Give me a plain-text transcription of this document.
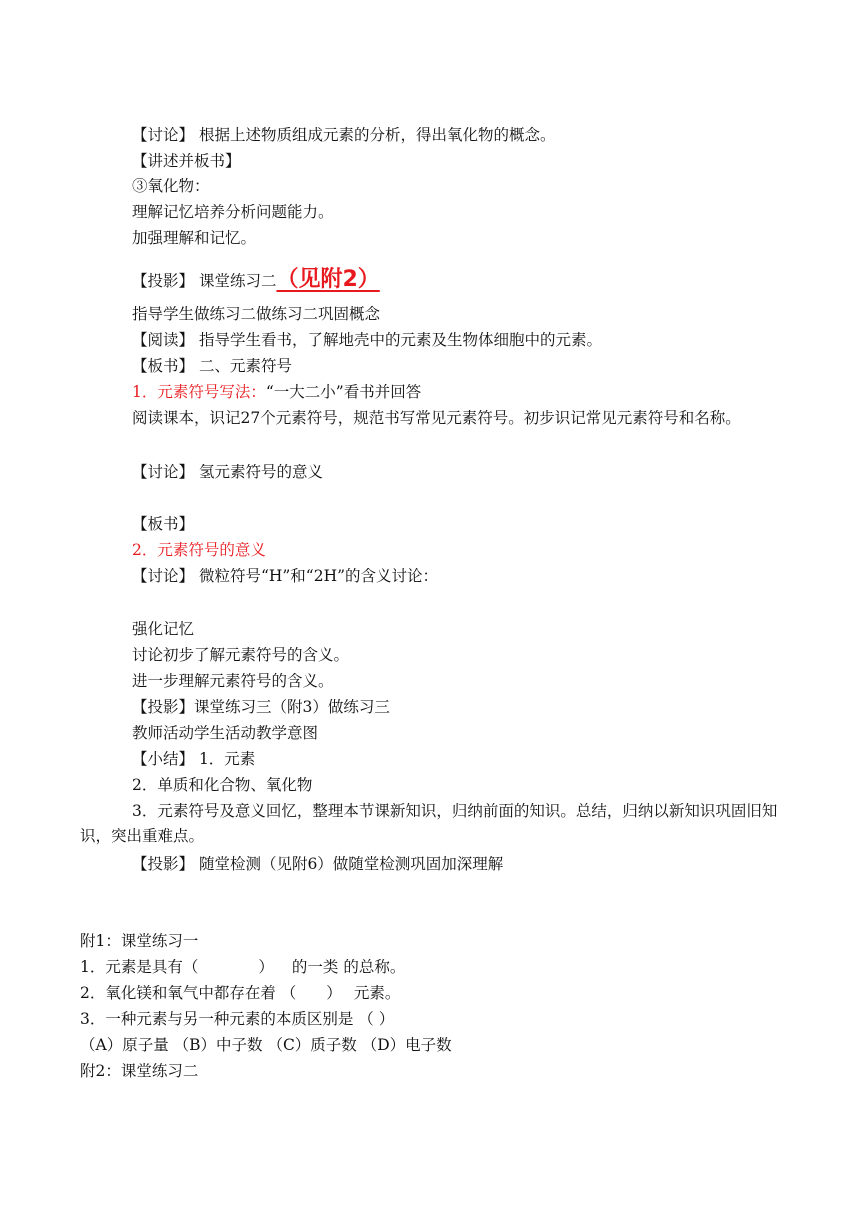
【讨论】 根据上述物质组成元素的分析，得出氧化物的概念。
【讲述并板书】
③氧化物：
理解记忆培养分析问题能力。
加强理解和记忆。
【投影】 课堂练习二（见附2）
指导学生做练习二做练习二巩固概念
【阅读】 指导学生看书，了解地壳中的元素及生物体细胞中的元素。
【板书】 二、元素符号
1．元素符号写法：“一大二小”看书并回答
阅读课本，识记27个元素符号，规范书写常见元素符号。初步识记常见元素符号和名称。
【讨论】 氢元素符号的意义
【板书】
2．元素符号的意义
【讨论】 微粒符号“H”和“2H”的含义讨论：
强化记忆
讨论初步了解元素符号的含义。
进一步理解元素符号的含义。
【投影】课堂练习三（附3）做练习三
教师活动学生活动教学意图
【小结】 1．元素
2．单质和化合物、氧化物
3．元素符号及意义回忆，整理本节课新知识，归纳前面的知识。总结，归纳以新知识巩固旧知识，突出重难点。
【投影】 随堂检测（见附6）做随堂检测巩固加深理解
附1：课堂练习一
1．元素是具有（	） 的一类 的总称。
2．氧化镁和氧气中都存在着 （ ） 元素。
3．一种元素与另一种元素的本质区别是 （ ）
（A）原子量 （B）中子数 （C）质子数 （D）电子数
附2：课堂练习二
